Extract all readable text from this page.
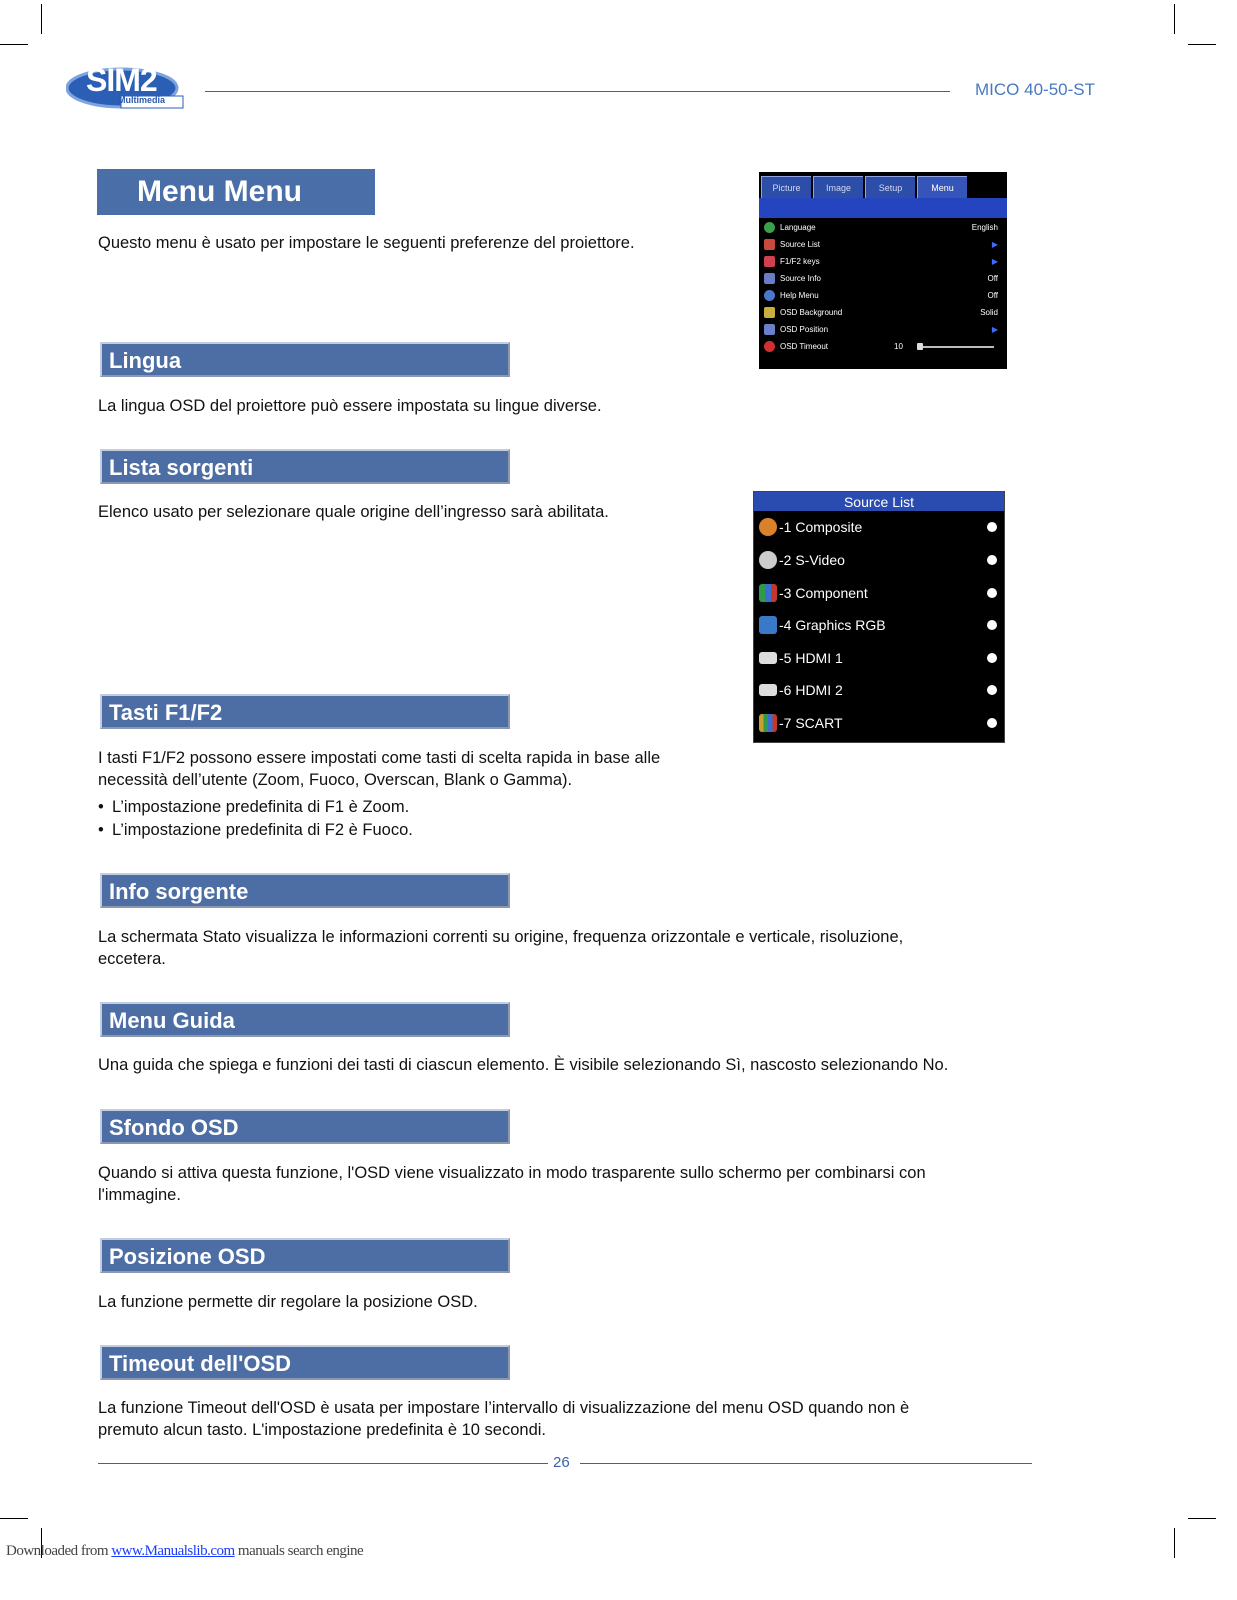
SIM2
Multimedia
MICO 40-50-ST
Menu Menu
Questo menu è usato per impostare le seguenti preferenze del proiettore.
Picture	Image	Setup	Menu
Language	English
Source List	▶
F1/F2 keys	▶
Source Info	Off
Help Menu	Off
OSD Background	Solid
OSD Position	▶
OSD Timeout	10
Source List
-1 Composite
-2 S-Video
-3 Component
-4 Graphics RGB
-5 HDMI 1
-6 HDMI 2
-7 SCART
Lingua
La lingua OSD del proiettore può essere impostata su lingue diverse.
Lista sorgenti
Elenco usato per selezionare quale origine dell’ingresso sarà abilitata.
Tasti F1/F2
I tasti F1/F2 possono essere impostati come tasti di scelta rapida in base alle
necessità dell’utente (Zoom, Fuoco, Overscan, Blank o Gamma).
• L’impostazione predefinita di F1 è Zoom.
• L’impostazione predefinita di F2 è Fuoco.
Info sorgente
La schermata Stato visualizza le informazioni correnti su origine, frequenza orizzontale e verticale, risoluzione,
eccetera.
Menu Guida
Una guida che spiega e funzioni dei tasti di ciascun elemento. È visibile selezionando Sì, nascosto selezionando No.
Sfondo OSD
Quando si attiva questa funzione, l'OSD viene visualizzato in modo trasparente sullo schermo per combinarsi con
l'immagine.
Posizione OSD
La funzione permette dir regolare la posizione OSD.
Timeout dell'OSD
La funzione Timeout dell'OSD è usata per impostare l’intervallo di visualizzazione del menu OSD quando non è
premuto alcun tasto. L'impostazione predefinita è 10 secondi.
26
Downloaded from www.Manualslib.com manuals search engine
